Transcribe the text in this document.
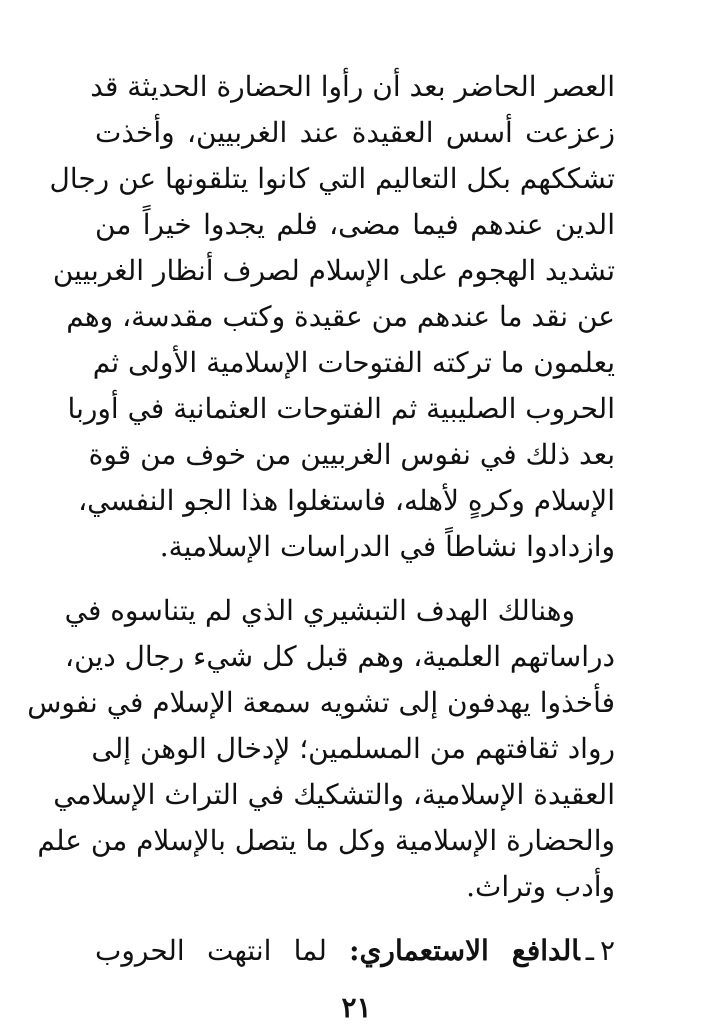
العصر الحاضر بعد أن رأوا الحضارة الحديثة قد
زعزعت أسس العقيدة عند الغربيين، وأخذت
تشككهم بكل التعاليم التي كانوا يتلقونها عن رجال
الدين عندهم فيما مضى، فلم يجدوا خيراً من
تشديد الهجوم على الإسلام لصرف أنظار الغربيين
عن نقد ما عندهم من عقيدة وكتب مقدسة، وهم
يعلمون ما تركته الفتوحات الإسلامية الأولى ثم
الحروب الصليبية ثم الفتوحات العثمانية في أوربا
بعد ذلك في نفوس الغربيين من خوف من قوة
الإسلام وكرهٍ لأهله، فاستغلوا هذا الجو النفسي،
وازدادوا نشاطاً في الدراسات الإسلامية.
وهنالك الهدف التبشيري الذي لم يتناسوه في
دراساتهم العلمية، وهم قبل كل شيء رجال دين،
فأخذوا يهدفون إلى تشويه سمعة الإسلام في نفوس
رواد ثقافتهم من المسلمين؛ لإدخال الوهن إلى
العقيدة الإسلامية، والتشكيك في التراث الإسلامي
والحضارة الإسلامية وكل ما يتصل بالإسلام من علم
وأدب وتراث.
٢ـالدافع الاستعماري: لما انتهت الحروب
٢١
